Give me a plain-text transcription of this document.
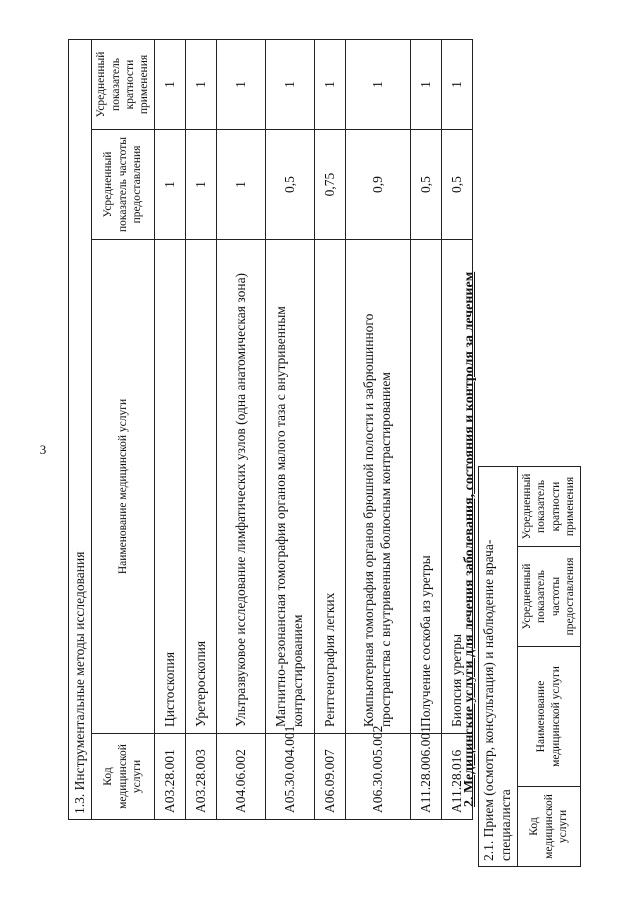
3
1.3. Инструментальные методы исследования			
Код медицинской услуги	Наименование медицинской услуги	Усредненный показатель частоты предоставления	Усредненный показатель кратности применения
A03.28.001	Цистоскопия	1	1
A03.28.003	Уретероскопия	1	1
A04.06.002	Ультразвуковое исследование лимфатических узлов (одна анатомическая зона)	1	1
A05.30.004.001	Магнитно-резонансная томография органов малого таза с внутривенным контрастированием	0,5	1
A06.09.007	Рентгенография легких	0,75	1
A06.30.005.002	Компьютерная томография органов брюшной полости и забрюшинного пространства с внутривенным болюсным контрастированием	0,9	1
A11.28.006.001	Получение соскоба из уретры	0,5	1
A11.28.016	Биопсия уретры	0,5	1
2. Медицинские услуги для лечения заболевания, состояния и контроля за лечением 2.1. Прием (осмотр, консультация) и наблюдение врача-специалиста
Код медицинской услуги	Наименование медицинской услуги	Усредненный показатель частоты предоставления	Усредненный показатель кратности применения
